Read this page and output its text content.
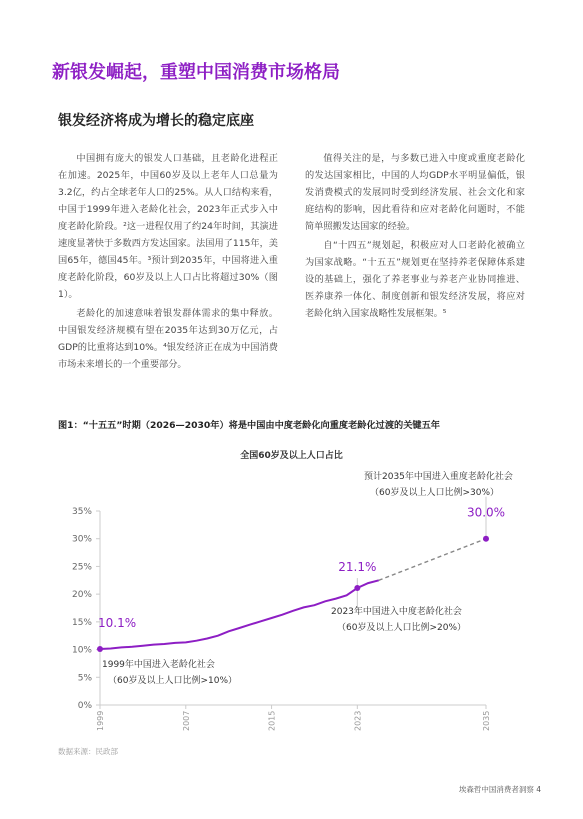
新银发崛起，重塑中国消费市场格局
银发经济将成为增长的稳定底座

中国拥有庞大的银发人口基础，且老龄化进程正在加速。2025年，中国60岁及以上老年人口总量为3.2亿，约占全球老年人口的25%。从人口结构来看，中国于1999年进入老龄化社会，2023年正式步入中度老龄化阶段。²这一进程仅用了约24年时间，其演进速度显著快于多数西方发达国家。法国用了115年，美国65年，德国45年。³预计到2035年，中国将进入重度老龄化阶段，60岁及以上人口占比将超过30%（图1）。

老龄化的加速意味着银发群体需求的集中释放。中国银发经济规模有望在2035年达到30万亿元，占GDP的比重将达到10%。⁴银发经济正在成为中国消费市场未来增长的一个重要部分。

值得关注的是，与多数已进入中度或重度老龄化的发达国家相比，中国的人均GDP水平明显偏低，银发消费模式的发展同时受到经济发展、社会文化和家庭结构的影响，因此看待和应对老龄化问题时，不能简单照搬发达国家的经验。

自“十四五”规划起，积极应对人口老龄化被确立为国家战略。“十五五”规划更在坚持养老保障体系建设的基础上，强化了养老事业与养老产业协同推进、医养康养一体化、制度创新和银发经济发展，将应对老龄化纳入国家战略性发展框架。⁵

图1：“十五五”时期（2026—2030年）将是中国由中度老龄化向重度老龄化过渡的关键五年
全国60岁及以上人口占比
0%
5%
10%
15%
20%
25%
30%
35%
1999	2007	2015	2023	2035
10.1%
21.1%
30.0%
1999年中国进入老龄化社会
（60岁及以上人口比例>10%）
2023年中国进入中度老龄化社会
（60岁及以上人口比例>20%）
预计2035年中国进入重度老龄化社会
（60岁及以上人口比例>30%）
数据来源：民政部
埃森哲中国消费者洞察 4
